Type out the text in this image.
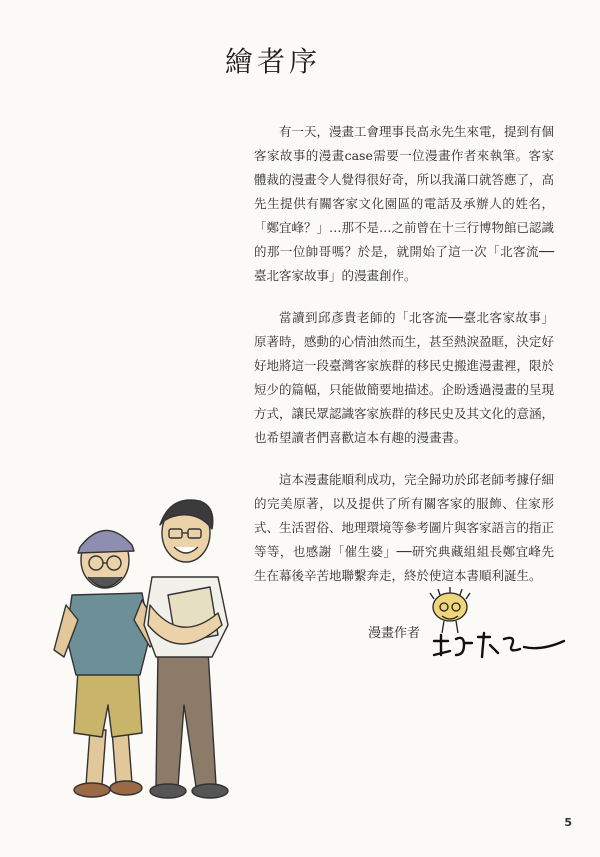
繪者序

有一天，漫畫工會理事長高永先生來電，提到有個客家故事的漫畫case需要一位漫畫作者來執筆。客家體裁的漫畫令人覺得很好奇，所以我滿口就答應了，高先生提供有關客家文化園區的電話及承辦人的姓名，「鄭宜峰？」…那不是…之前曾在十三行博物館已認識的那一位帥哥嗎？於是，就開始了這一次「北客流──臺北客家故事」的漫畫創作。

當讀到邱彥貴老師的「北客流──臺北客家故事」原著時，感動的心情油然而生，甚至熱淚盈眶，決定好好地將這一段臺灣客家族群的移民史搬進漫畫裡，限於短少的篇幅，只能做簡要地描述。企盼透過漫畫的呈現方式，讓民眾認識客家族群的移民史及其文化的意涵，也希望讀者們喜歡這本有趣的漫畫書。

這本漫畫能順利成功，完全歸功於邱老師考據仔細的完美原著，以及提供了所有關客家的服飾、住家形式、生活習俗、地理環境等參考圖片與客家語言的指正等等，也感謝「催生婆」──研究典藏組組長鄭宜峰先生在幕後辛苦地聯繫奔走，終於使這本書順利誕生。

漫畫作者
5
